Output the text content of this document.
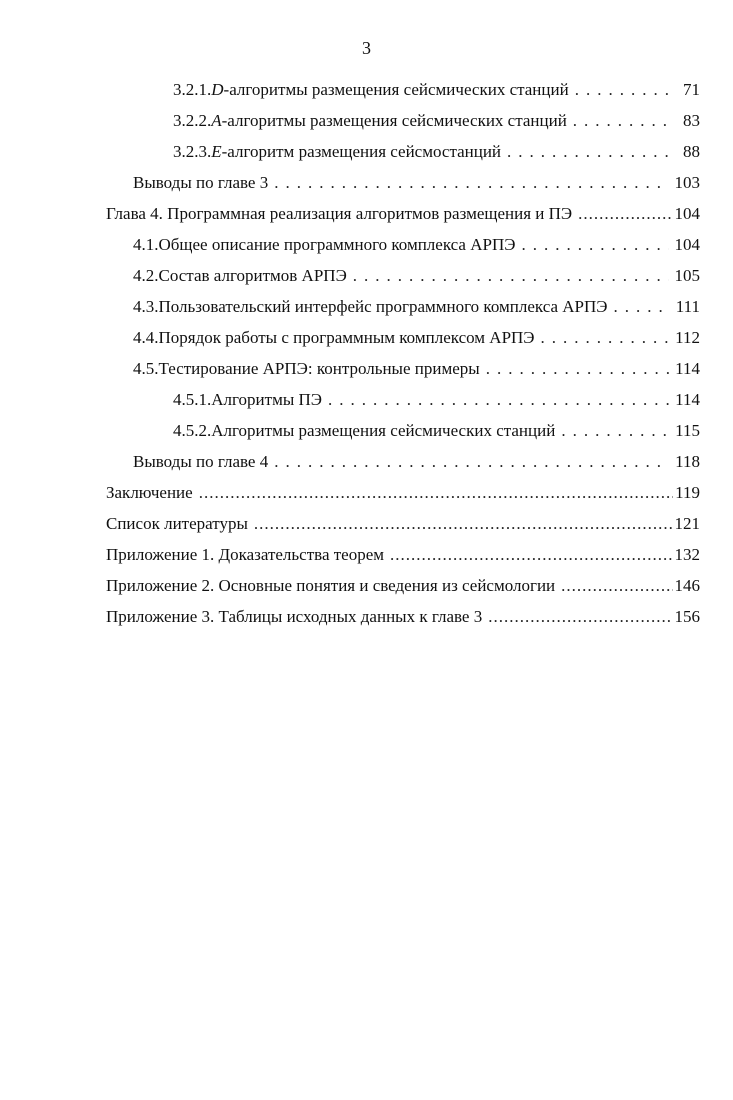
3
3.2.1. D-алгоритмы размещения сейсмических станций .....	71
3.2.2. A-алгоритмы размещения сейсмических станций .....	83
3.2.3. E-алгоритм размещения сейсмостанций .....	88
Выводы по главе 3 .....	103
Глава 4. Программная реализация алгоритмов размещения и ПЭ .....	104
4.1. Общее описание программного комплекса АРПЭ .....	104
4.2. Состав алгоритмов АРПЭ .....	105
4.3. Пользовательский интерфейс программного комплекса АРПЭ .....	111
4.4. Порядок работы с программным комплексом АРПЭ .....	112
4.5. Тестирование АРПЭ: контрольные примеры .....	114
4.5.1. Алгоритмы ПЭ .....	114
4.5.2. Алгоритмы размещения сейсмических станций .....	115
Выводы по главе 4 .....	118
Заключение .....	119
Список литературы .....	121
Приложение 1. Доказательства теорем .....	132
Приложение 2. Основные понятия и сведения из сейсмологии .....	146
Приложение 3. Таблицы исходных данных к главе 3 .....	156
